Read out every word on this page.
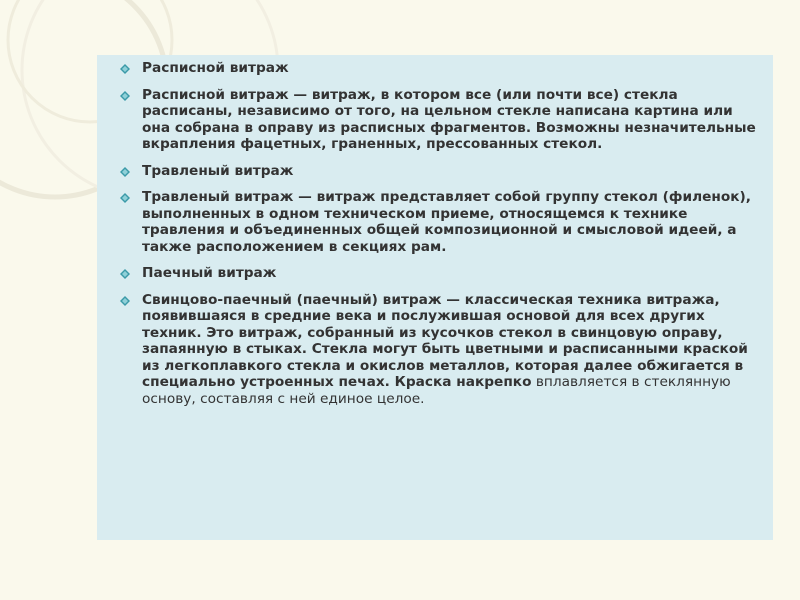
Расписной витраж
Расписной витраж — витраж, в котором все (или почти все) стекла расписаны, независимо от того, на цельном стекле написана картина или она собрана в оправу из расписных фрагментов. Возможны незначительные вкрапления фацетных, граненных, прессованных стекол.
Травленый витраж
Травленый витраж — витраж представляет собой группу стекол (филенок), выполненных в одном техническом приеме, относящемся к технике травления и объединенных общей композиционной и смысловой идеей, а также расположением в секциях рам.
Паечный витраж
Свинцово-паечный (паечный) витраж — классическая техника витража, появившаяся в средние века и послужившая основой для всех других техник. Это витраж, собранный из кусочков стекол в свинцовую оправу, запаянную в стыках. Стекла могут быть цветными и расписанными краской из легкоплавкого стекла и окислов металлов, которая далее обжигается в специально устроенных печах. Краска накрепко вплавляется в стеклянную основу, составляя с ней единое целое.
